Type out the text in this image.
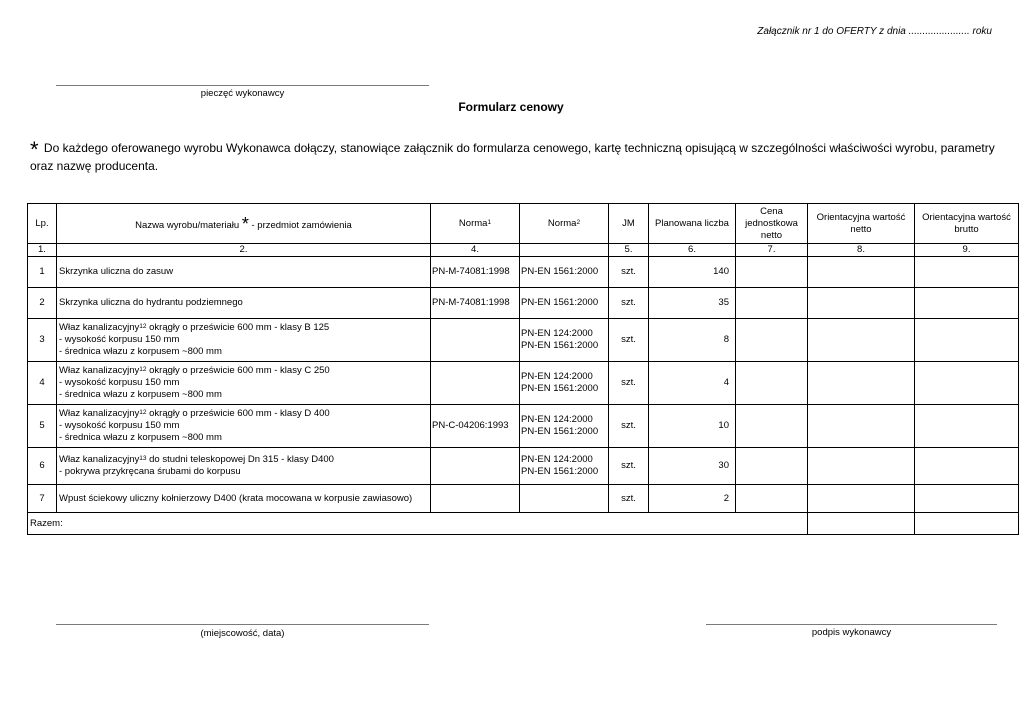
Załącznik nr 1 do OFERTY z dnia ...................... roku
pieczęć wykonawcy
Formularz cenowy
* Do każdego oferowanego wyrobu Wykonawca dołączy, stanowiące załącznik do formularza cenowego, kartę techniczną opisującą w szczególności właściwości wyrobu, parametry oraz nazwę producenta.
Lp.	Nazwa wyrobu/materiału * - przedmiot zamówienia	Norma$^1$	Norma$^2$	JM	Planowana liczba	Cena jednostkowa netto	Orientacyjna wartość netto	Orientacyjna wartość brutto
1.	2.	4.		5.	6.	7.	8.	9.
1	Skrzynka uliczna do zasuw	PN-M-74081:1998	PN-EN 1561:2000	szt.	140			
2	Skrzynka uliczna do hydrantu podziemnego	PN-M-74081:1998	PN-EN 1561:2000	szt.	35			
3	Właz kanalizacyjny$^{12}$ okrągły o prześwicie 600 mm - klasy B 125
- wysokość korpusu 150 mm
- średnica włazu z korpusem ~800 mm		PN-EN 124:2000
PN-EN 1561:2000	szt.	8			
4	Właz kanalizacyjny$^{12}$ okrągły o prześwicie 600 mm - klasy C 250
- wysokość korpusu 150 mm
- średnica włazu z korpusem ~800 mm		PN-EN 124:2000
PN-EN 1561:2000	szt.	4			
5	Właz kanalizacyjny$^{12}$ okrągły o prześwicie 600 mm - klasy D 400
- wysokość korpusu 150 mm
- średnica włazu z korpusem ~800 mm	PN-C-04206:1993	PN-EN 124:2000
PN-EN 1561:2000	szt.	10			
6	Właz kanalizacyjny$^{13}$ do studni teleskopowej Dn 315 - klasy D400
- pokrywa przykręcana śrubami do korpusu		PN-EN 124:2000
PN-EN 1561:2000	szt.	30			
7	Wpust ściekowy uliczny kołnierzowy D400 (krata mocowana w korpusie zawiasowo)			szt.	2			
Razem:								
(miejscowość, data)	podpis wykonawcy
